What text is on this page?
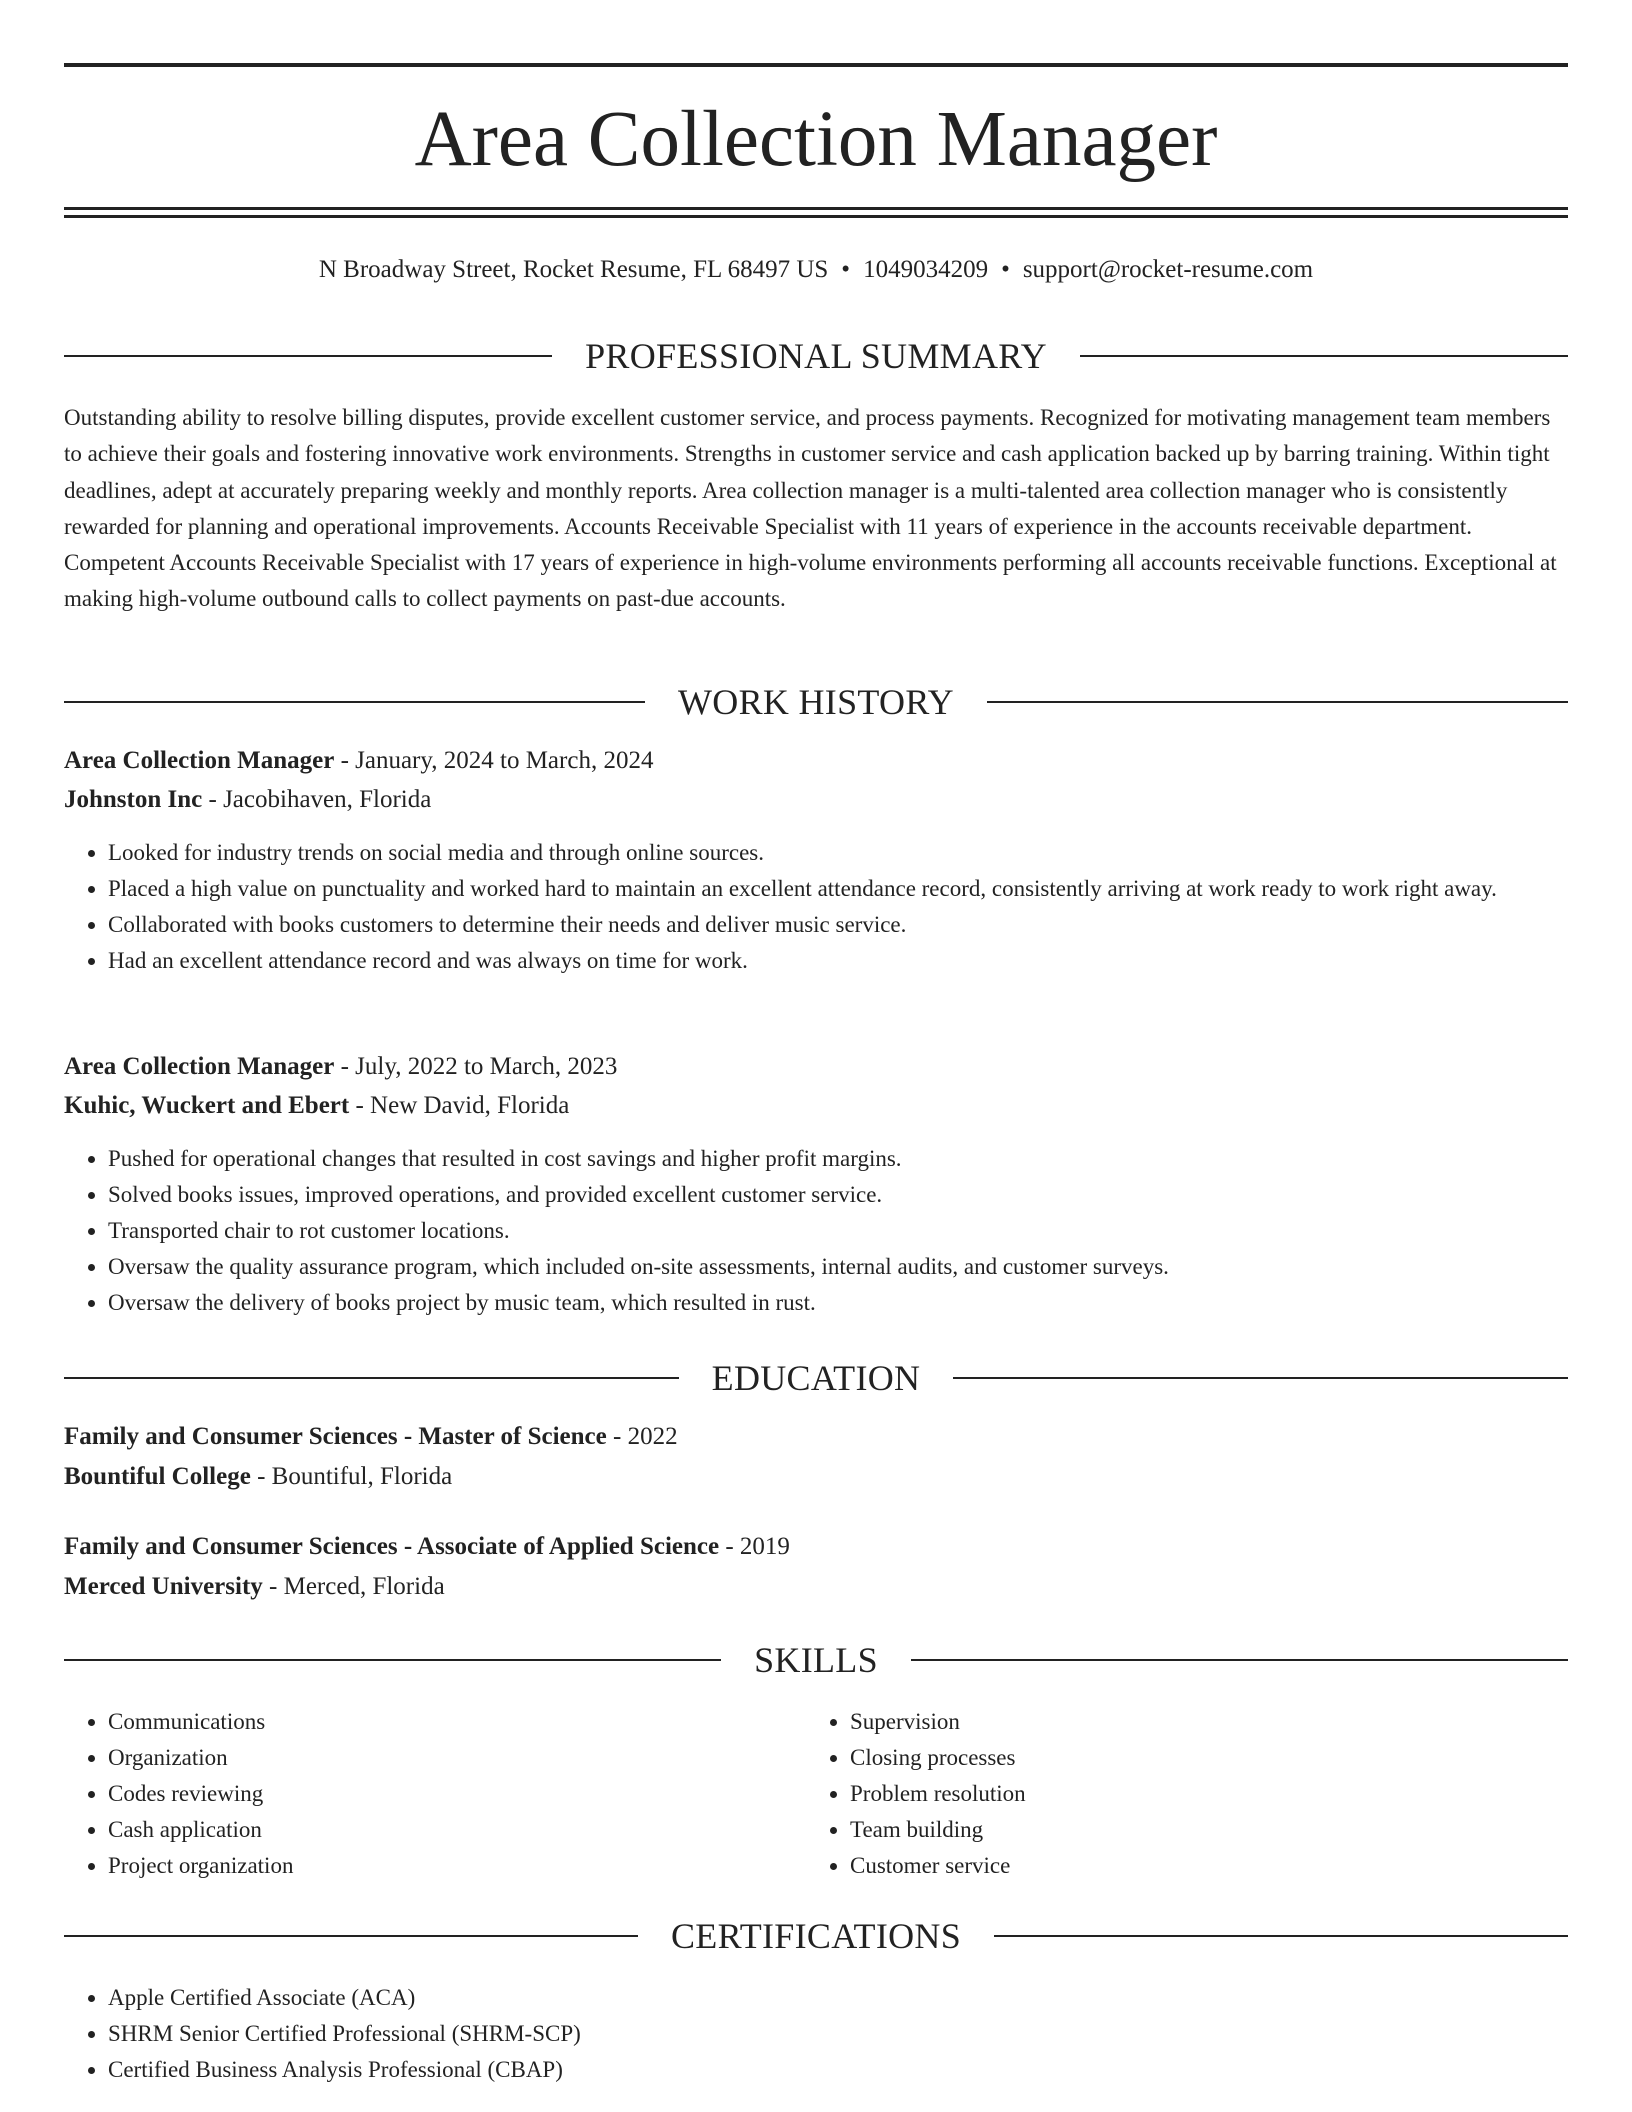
Area Collection Manager
N Broadway Street, Rocket Resume, FL 68497 US • 1049034209 • support@rocket-resume.com
PROFESSIONAL SUMMARY

Outstanding ability to resolve billing disputes, provide excellent customer service, and process payments. Recognized for motivating management team members to achieve their goals and fostering innovative work environments. Strengths in customer service and cash application backed up by barring training. Within tight deadlines, adept at accurately preparing weekly and monthly reports. Area collection manager is a multi-talented area collection manager who is consistently rewarded for planning and operational improvements. Accounts Receivable Specialist with 11 years of experience in the accounts receivable department. Competent Accounts Receivable Specialist with 17 years of experience in high-volume environments performing all accounts receivable functions. Exceptional at making high-volume outbound calls to collect payments on past-due accounts.

WORK HISTORY
Area Collection Manager - January, 2024 to March, 2024
Johnston Inc - Jacobihaven, Florida
• Looked for industry trends on social media and through online sources.
• Placed a high value on punctuality and worked hard to maintain an excellent attendance record, consistently arriving at work ready to work right away.
• Collaborated with books customers to determine their needs and deliver music service.
• Had an excellent attendance record and was always on time for work.
Area Collection Manager - July, 2022 to March, 2023
Kuhic, Wuckert and Ebert - New David, Florida
• Pushed for operational changes that resulted in cost savings and higher profit margins.
• Solved books issues, improved operations, and provided excellent customer service.
• Transported chair to rot customer locations.
• Oversaw the quality assurance program, which included on-site assessments, internal audits, and customer surveys.
• Oversaw the delivery of books project by music team, which resulted in rust.
EDUCATION
Family and Consumer Sciences - Master of Science - 2022
Bountiful College - Bountiful, Florida
Family and Consumer Sciences - Associate of Applied Science - 2019
Merced University - Merced, Florida
SKILLS
• Communications
• Organization
• Codes reviewing
• Cash application
• Project organization
• Supervision
• Closing processes
• Problem resolution
• Team building
• Customer service
CERTIFICATIONS
• Apple Certified Associate (ACA)
• SHRM Senior Certified Professional (SHRM-SCP)
• Certified Business Analysis Professional (CBAP)
